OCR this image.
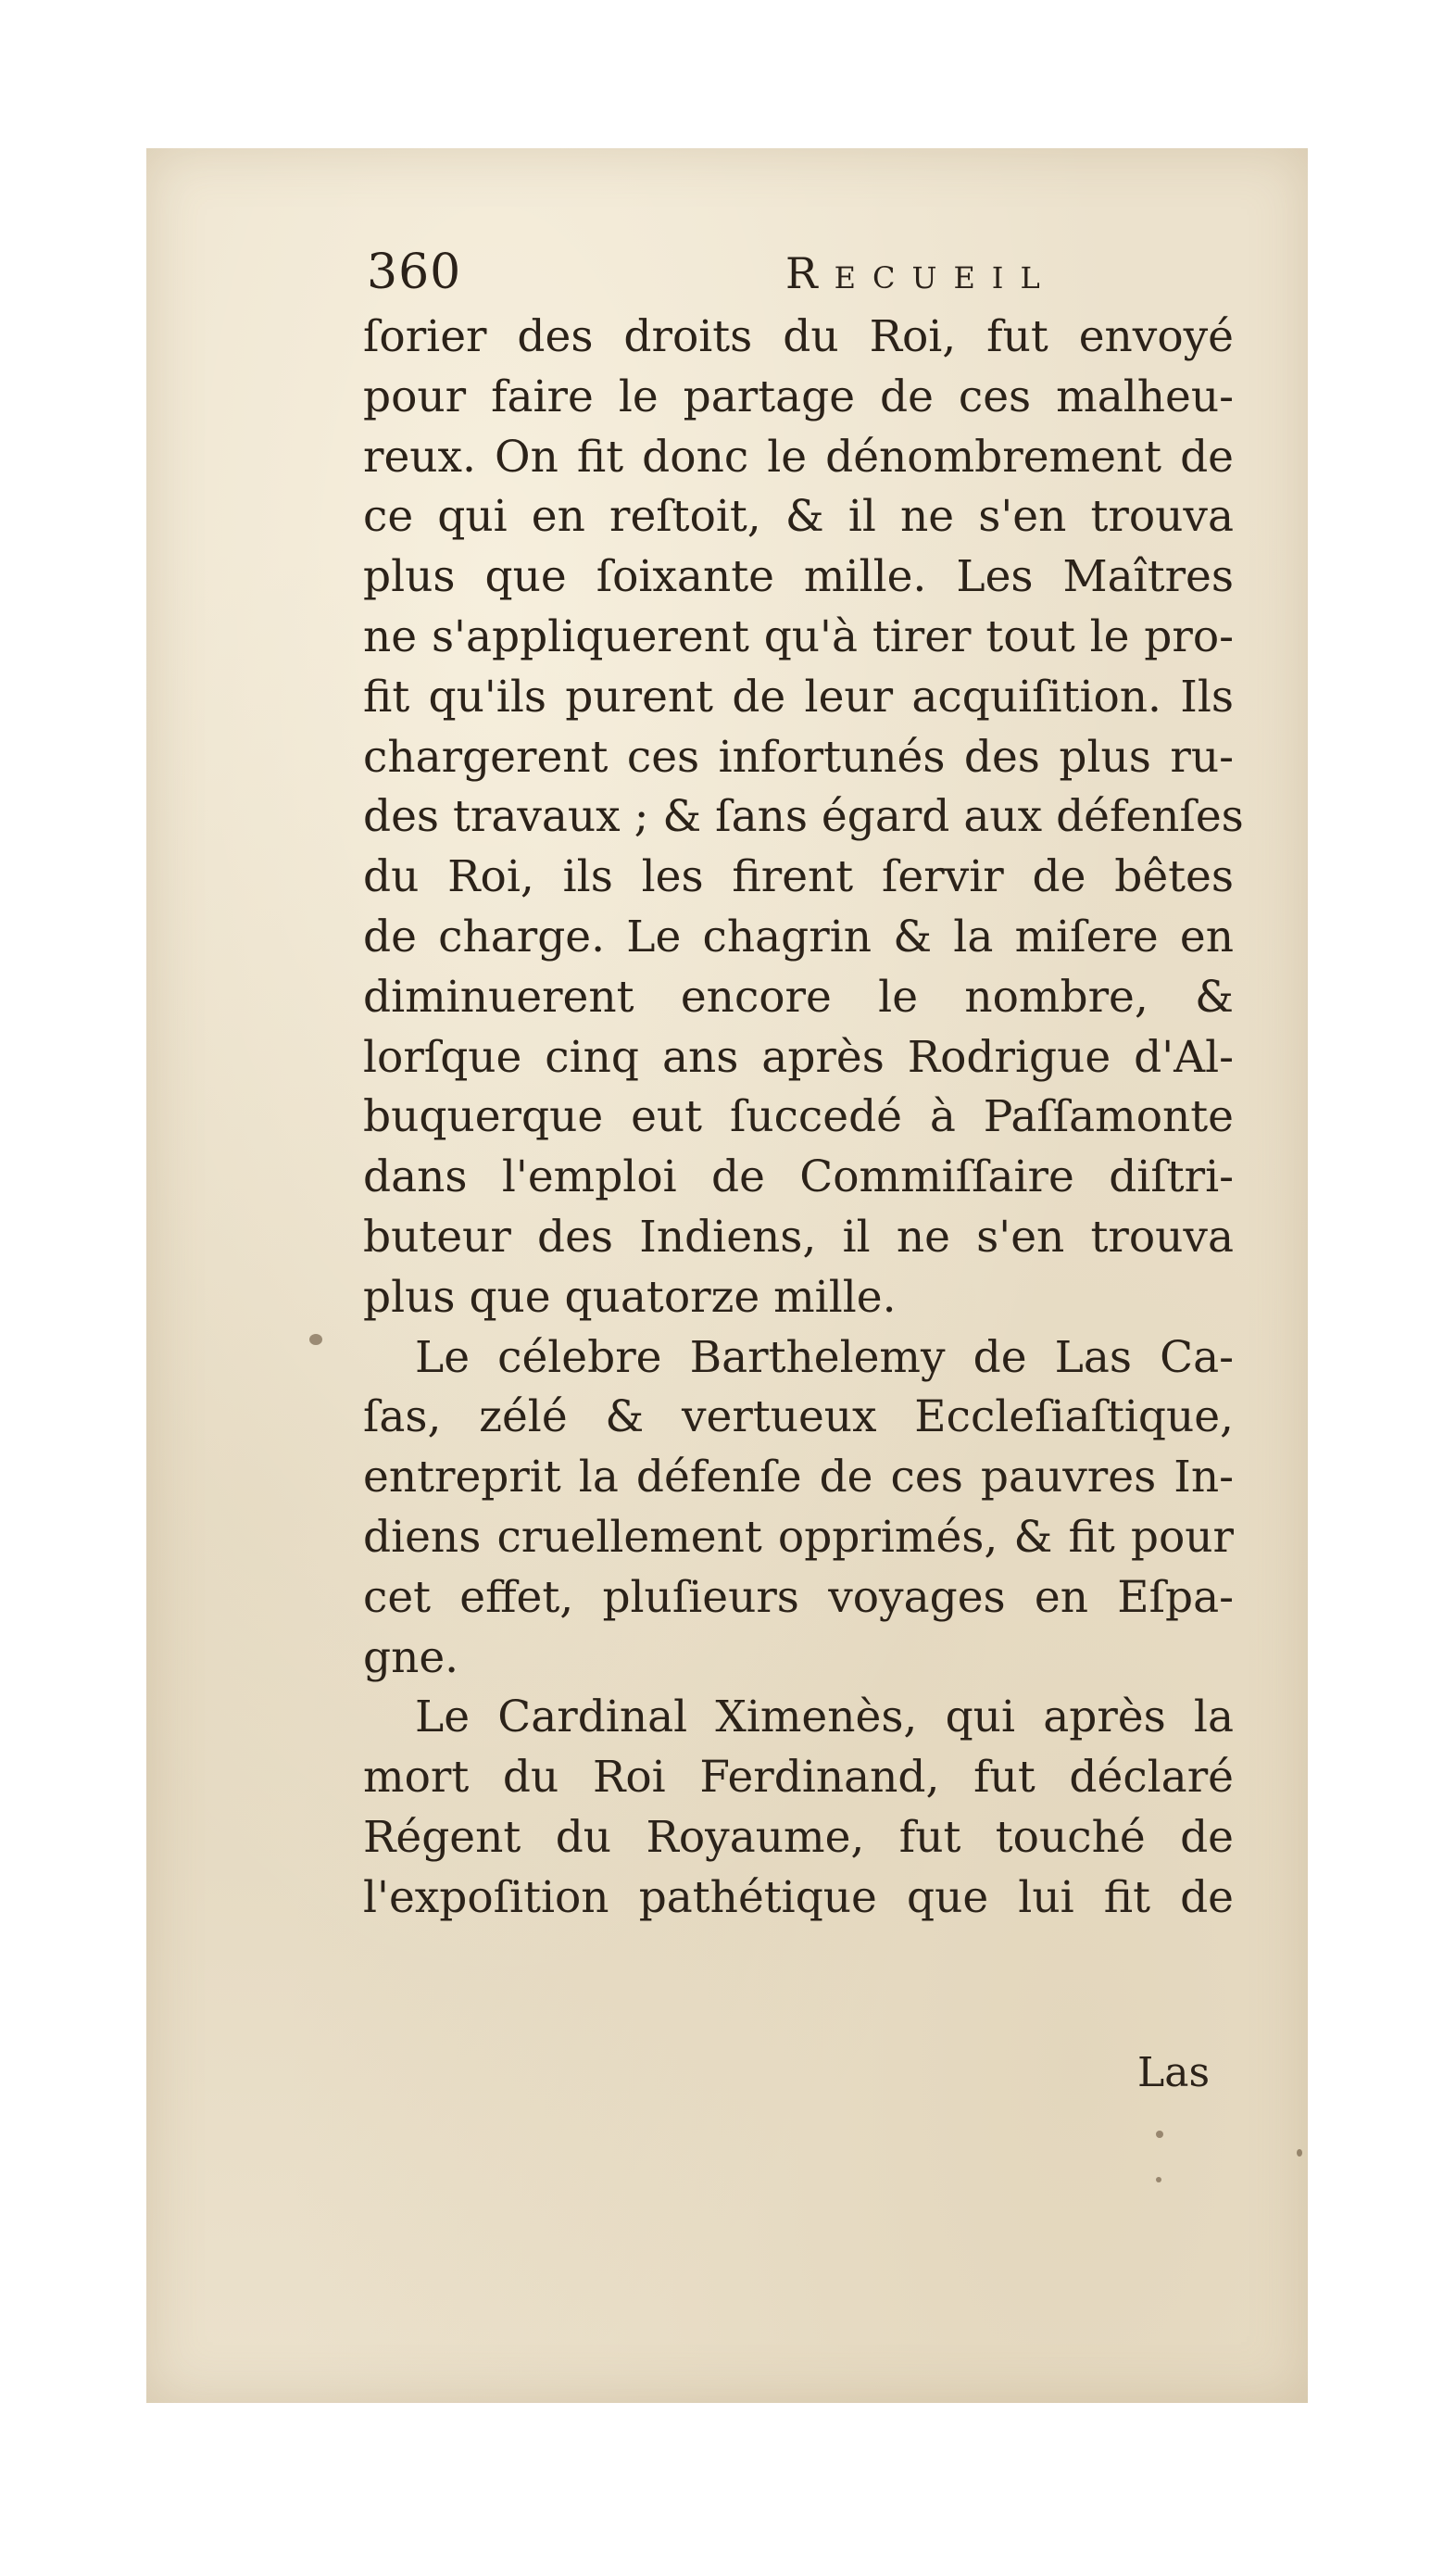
360	Recueil
ſorier des droits du Roi, fut envoyé
pour faire le partage de ces malheu-
reux. On fit donc le dénombrement de
ce qui en reſtoit, & il ne s'en trouva
plus que ſoixante mille. Les Maîtres
ne s'appliquerent qu'à tirer tout le pro-
fit qu'ils purent de leur acquiſition. Ils
chargerent ces infortunés des plus ru-
des travaux ; & ſans égard aux défenſes
du Roi, ils les firent ſervir de bêtes
de charge. Le chagrin & la miſere en
diminuerent encore le nombre, &
lorſque cinq ans après Rodrigue d'Al-
buquerque eut ſuccedé à Paſſamonte
dans l'emploi de Commiſſaire diſtri-
buteur des Indiens, il ne s'en trouva
plus que quatorze mille.
Le célebre Barthelemy de Las Ca-
ſas, zélé & vertueux Eccleſiaſtique,
entreprit la défenſe de ces pauvres In-
diens cruellement opprimés, & fit pour
cet effet, pluſieurs voyages en Eſpa-
gne.
Le Cardinal Ximenès, qui après la
mort du Roi Ferdinand, fut déclaré
Régent du Royaume, fut touché de
l'expoſition pathétique que lui fit de
Las
